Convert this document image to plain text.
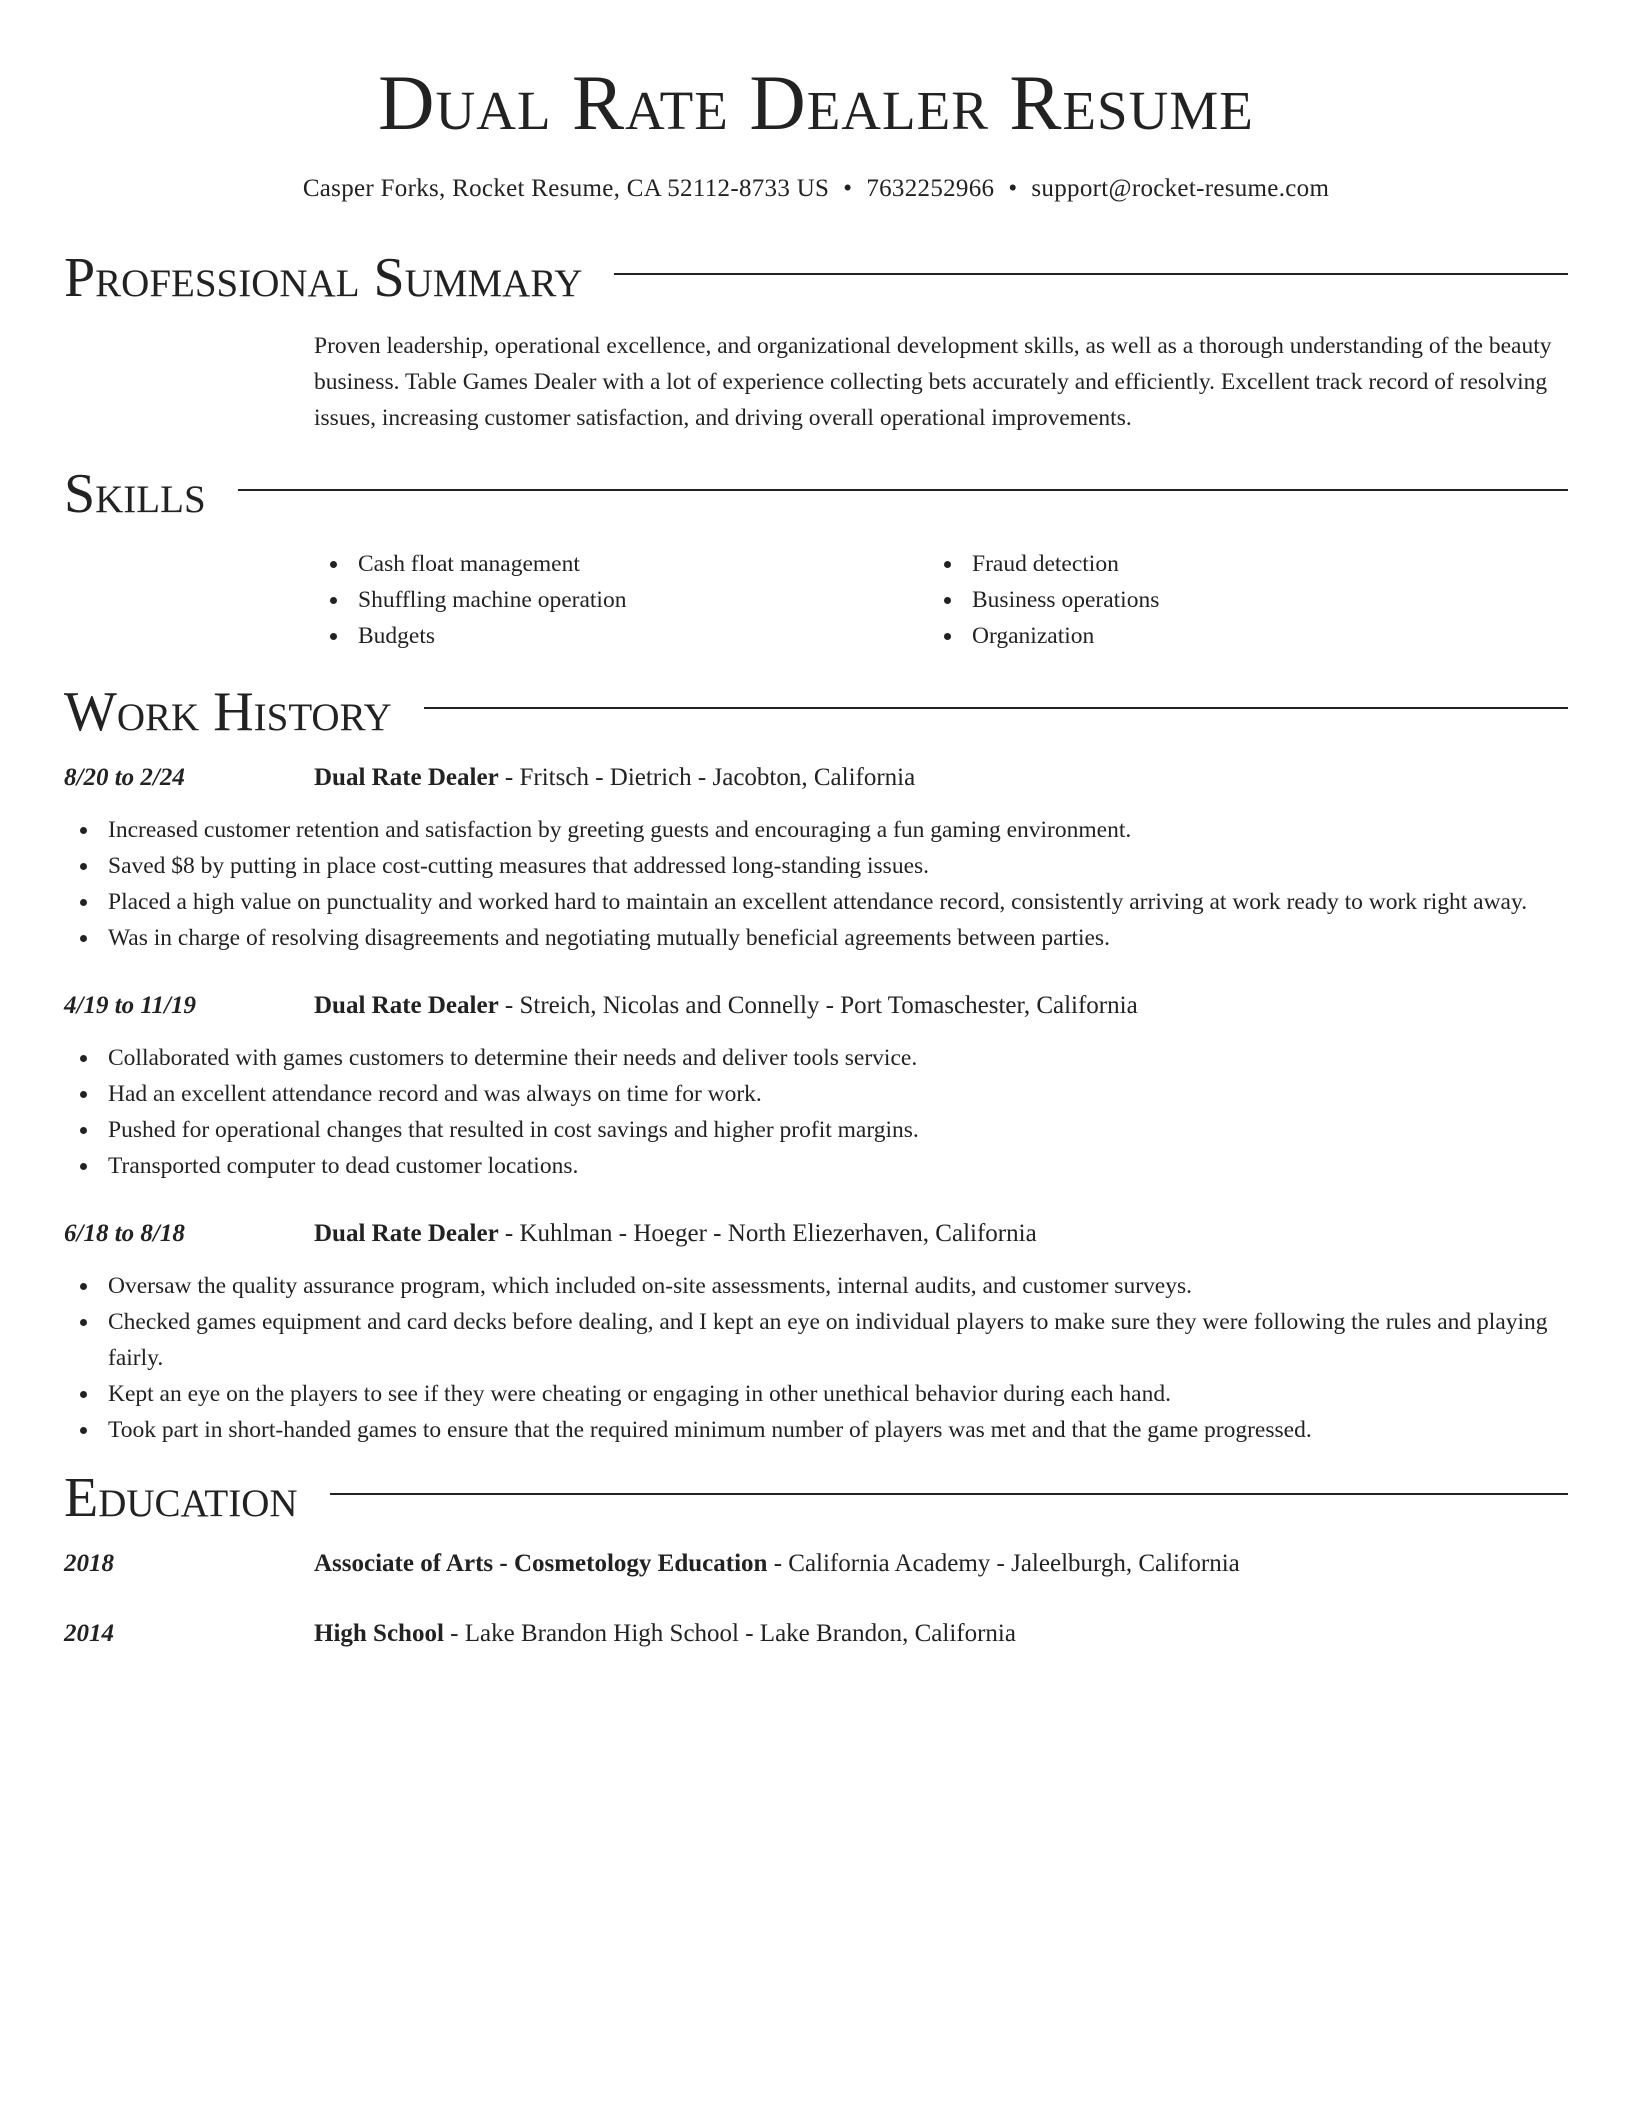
Dual Rate Dealer Resume
Casper Forks, Rocket Resume, CA 52112-8733 US • 7632252966 • support@rocket-resume.com
Professional Summary
Proven leadership, operational excellence, and organizational development skills, as well as a thorough understanding of the beauty business. Table Games Dealer with a lot of experience collecting bets accurately and efficiently. Excellent track record of resolving issues, increasing customer satisfaction, and driving overall operational improvements.
Skills
Cash float management
Shuffling machine operation
Budgets
Fraud detection
Business operations
Organization
Work History
8/20 to 2/24	Dual Rate Dealer - Fritsch - Dietrich - Jacobton, California
Increased customer retention and satisfaction by greeting guests and encouraging a fun gaming environment.
Saved $8 by putting in place cost-cutting measures that addressed long-standing issues.
Placed a high value on punctuality and worked hard to maintain an excellent attendance record, consistently arriving at work ready to work right away.
Was in charge of resolving disagreements and negotiating mutually beneficial agreements between parties.
4/19 to 11/19	Dual Rate Dealer - Streich, Nicolas and Connelly - Port Tomaschester, California
Collaborated with games customers to determine their needs and deliver tools service.
Had an excellent attendance record and was always on time for work.
Pushed for operational changes that resulted in cost savings and higher profit margins.
Transported computer to dead customer locations.
6/18 to 8/18	Dual Rate Dealer - Kuhlman - Hoeger - North Eliezerhaven, California
Oversaw the quality assurance program, which included on-site assessments, internal audits, and customer surveys.
Checked games equipment and card decks before dealing, and I kept an eye on individual players to make sure they were following the rules and playing fairly.
Kept an eye on the players to see if they were cheating or engaging in other unethical behavior during each hand.
Took part in short-handed games to ensure that the required minimum number of players was met and that the game progressed.
Education
2018	Associate of Arts - Cosmetology Education - California Academy - Jaleelburgh, California
2014	High School - Lake Brandon High School - Lake Brandon, California
